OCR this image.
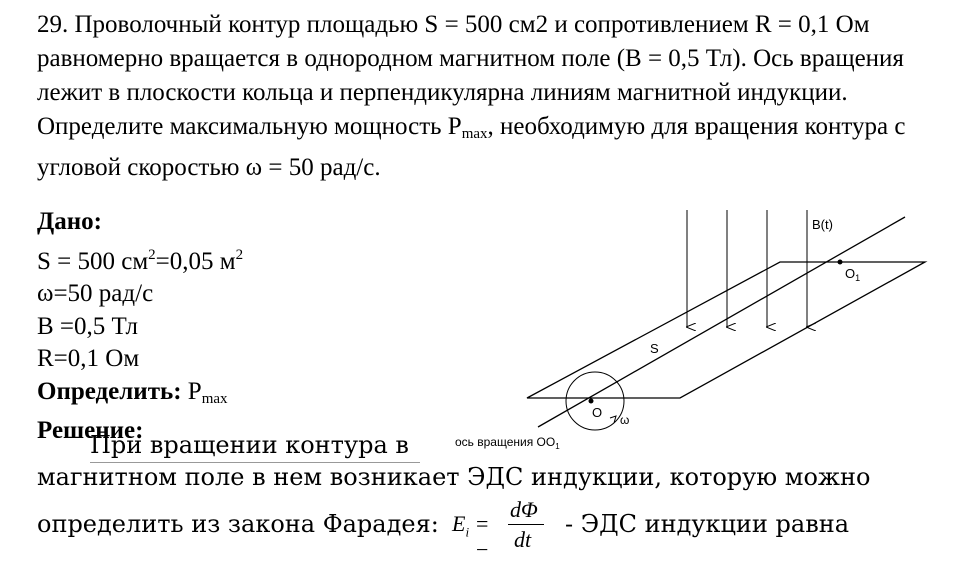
29. Проволочный контур площадью S = 500 см2 и сопротивлением R = 0,1 Ом равномерно вращается в однородном магнитном поле (B = 0,5 Тл). Ось вращения лежит в плоскости кольца и перпендикулярна линиям магнитной индукции. Определите максимальную мощность $P_{max}$, необходимую для вращения контура с угловой скоростью ω = 50 рад/с.
Дано:
S = 500 $см^2=0,05$ $м^2$
ω=50 рад/с
B =0,5 Тл
R=0,1 Ом
Определить: $P_{max}$
Решение:
При вращении контура в
магнитном поле в нем возникает ЭДС индукции, которую можно
определить из закона Фарадея: $E_i$ = −
dΦ
dt
- ЭДС индукции равна
B(t)
$O_1$
S
O ω
ось вращения $OO_1$
